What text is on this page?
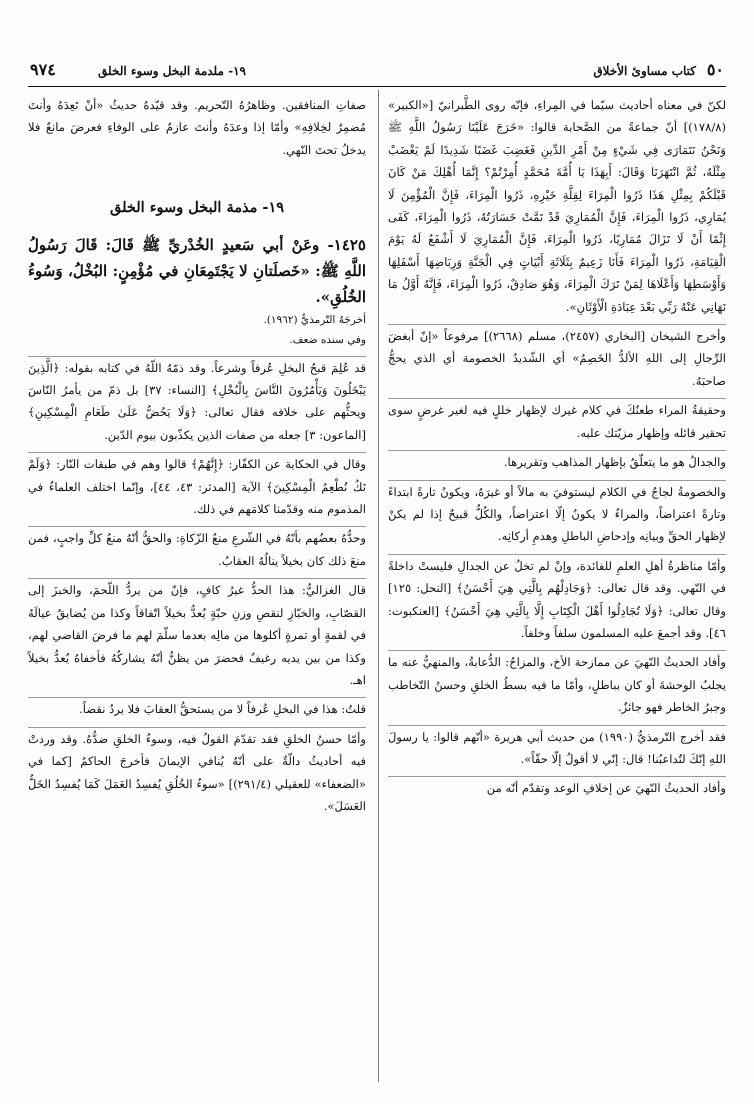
٥٠
كتاب مساوئ الأخلاق
١٩- ملدمة البخل وسوء الخلق
٩٧٤

لكنّ في معناه أحاديث سيّما في المِراءِ، فإنّه روى الطَّبرانيّ [«الكبير» (١٧٨/٨)] أنّ جماعةً من الصَّحابة قالوا: «خَرَجَ عَلَيْنَا رَسُولُ اللَّهِ ﷺ وَنَحْنُ نَتَمَارَى فِي شَيْءٍ مِنْ أَمْرِ الدِّينِ فَغَضِبَ غَضَبًا شَدِيدًا لَمْ يَغْضَبْ مِثْلَهُ، ثُمَّ انْتَهَرَنَا وَقَالَ: أَبِهَذَا يَا أُمَّةَ مُحَمَّدٍ أُمِرْتُمْ؟ إِنَّمَا أُهْلِكَ مَنْ كَانَ قَبْلَكُمْ بِمِثْلِ هَذَا ذَرُوا الْمِرَاءَ لِقِلَّةِ خَيْرِهِ، ذَرُوا الْمِرَاءَ، فَإِنَّ الْمُؤْمِنَ لَا يُمَارِي، ذَرُوا الْمِرَاءَ، فَإِنَّ الْمُمَارِيَ قَدْ تَمَّتْ خَسَارَتُهُ، ذَرُوا الْمِرَاءَ، كَفَى إِثْمًا أَنْ لَا تَزَالَ مُمَارِيًا، ذَرُوا الْمِرَاءَ، فَإِنَّ الْمُمَارِيَ لَا أَشْفَعُ لَهُ يَوْمَ الْقِيَامَةِ، ذَرُوا الْمِرَاءَ فَأَنَا زَعِيمٌ بِثَلَاثَةِ أَبْيَاتٍ فِي الْجَنَّةِ وَرِبَاضِهَا أَسْفَلِهَا وَأَوْسَطِهَا وَأَعْلَاهَا لِمَنْ تَرَكَ الْمِرَاءَ، وَهُوَ صَادِقٌ، ذَرُوا الْمِرَاءَ، فَإِنَّهُ أَوَّلُ مَا نَهَانِي عَنْهُ رَبِّي بَعْدَ عِبَادَةِ الْأَوْثَانِ».

وأخرج الشيخان [البخاري (٢٤٥٧)، مسلم (٢٦٦٨)] مرفوعاً «إنّ أبغضَ الرِّجالِ إلى اللهِ الألدُّ الخَصِمُ» أي الشّديدُ الخصومة أي الذي يحجُّ صاحبَهُ.

وحقيقةُ المراء طعنُكَ في كلام غيرك لإظهار خللٍ فيه لغير غرضٍ سوى تحقير قائله وإظهار مزيّتك عليه.

والجدالُ هو ما يتعلّقُ بإظهار المذاهب وتقريرها.

والخصومةُ لجاجٌ في الكلام ليستوفيَ به مالاً أو غيرَهُ، ويكونُ تارةً ابتداءً وتارةً اعتراضاً، والمراءُ لا يكونُ إلّا اعتراضاً، والكُلُّ قبيحٌ إذا لم يكنْ لإظهار الحقِّ وبيانِه وإدحاضِ الباطلِ وهدمِ أركانِه.

وأمّا مناظرةُ أهلِ العلمِ للفائدة، وإنْ لم تخلُ عن الجدالِ فليستْ داخلةً في النّهي. وقد قال تعالى: ﴿وَجَادِلْهُم بِالَّتِي هِيَ أَحْسَنُ﴾ [النحل: ١٢٥] وقال تعالى: ﴿وَلَا تُجَادِلُوا أَهْلَ الْكِتَابِ إِلَّا بِالَّتِي هِيَ أَحْسَنُ﴾ [العنكبوت: ٤٦]. وقد أجمعَ عليه المسلمون سلفاً وخلفاً.

وأفاد الحديثُ النّهيَ عن ممازحة الأخ، والمزاحُ: الدُّعابةُ، والمنهيُّ عنه ما يجلبُ الوحشةَ أو كان بباطلٍ، وأمّا ما فيه بسطُ الخلقِ وحسنُ التّخاطب وجبرُ الخاطر فهو جائزٌ.

فقد أخرج التّرمذيُّ (١٩٩٠) من حديث أبي هريرة «أنّهم قالوا: يا رسولَ اللهِ إنّكَ لتُداعبُنا! قال: إنّي لا أقولُ إلّا حقّاً».

وأفاد الحديثُ النّهيَ عن إخلافِ الوعد وتقدّم أنّه من

صفاتِ المنافقين. وظاهرُهُ التّحريم. وقد قيّدهُ حديثُ «أنْ تَعِدَهُ وأنتَ مُضمِرٌ لخِلافِهِ» وأمّا إذا وعدَهُ وأنتَ عازمٌ على الوفاءِ فعرضَ مانعٌ فلا يدخلُ تحتَ النّهي.

١٩- مذمة البخل وسوء الخلق

١٤٢٥- وعَنْ أبي سَعيدٍ الخُدْريِّ ﷺ قَالَ: قَالَ رَسُولُ اللَّهِ ﷺ: «خَصلَتانِ لا يَجْتَمِعَانِ في مُؤْمِنٍ: البُخْلُ، وَسُوءُ الخُلُقِ».

أخرجَهُ التّرمذيُّ (١٩٦٢).

وفي سنده ضعف.

قد عُلِمَ قبحُ البخلِ عُرفاً وشرعاً. وقد ذمّهُ اللّهُ في كتابه بقوله: ﴿الَّذِينَ يَبْخَلُونَ وَيَأْمُرُونَ النَّاسَ بِالْبُخْلِ﴾ [النساء: ٣٧] بل ذمّ من يأمرُ النّاسَ ويحثُّهم على خلافه فقال تعالى: ﴿وَلَا يَحُضُّ عَلَىٰ طَعَامِ الْمِسْكِينِ﴾ [الماعون: ٣] جعله من صفات الذين يكذّبون بيوم الدّين.

وقال في الحكاية عن الكفّار: ﴿إِنَّهُمْ﴾ قالوا وهم في طبقات النّار: ﴿وَلَمْ نَكُ نُطْعِمُ الْمِسْكِينَ﴾ الآية [المدثر: ٤٣، ٤٤]، وإنّما اختلف العلماءُ في المذموم منه وقدّمنا كلامَهم في ذلك.

وحدُّهُ بعضُهم بأنّهُ في الشّرعِ منعُ الزّكاةِ: والحقُّ أنّهُ منعُ كلِّ واجبٍ، فمن منعَ ذلك كان بخيلاً ينالُهُ العقابُ.

قال الغزاليُّ: هذا الحدُّ غيرُ كافٍ، فإنّ من يردُّ اللّحمَ، والخبزَ إلى القصّابِ، والخبّازِ لنقصِ وزنِ حبّةٍ يُعدُّ بخيلاً اتّفاقاً وكذا من يُضايقُ عيالَهُ في لقمةٍ أو تمرةٍ أكلوها من مالِه بعدما سلّمَ لهم ما فرضَ القاضي لهم، وكذا من بين يديه رغيفٌ فحضرَ من يظنُّ أنّهُ يشاركُهُ فأخفاهُ يُعدُّ بخيلاً اهـ.

قلتُ: هذا في البخلِ عُرفاً لا من يستحقُّ العقابَ فلا يردُ نقضاً.

وأمّا حسنُ الخلقِ فقد تقدّمَ القولُ فيه، وسوءُ الخلقِ ضدُّهُ. وقد وردتْ فيه أحاديثُ دالّةٌ على أنّهُ يُنافي الإيمانَ فأخرجَ الحاكمُ [كما في «الضعفاء» للعقيلي (٢٩١/٤)] «سوءُ الخُلُقِ يُفسِدُ العَمَلَ كَمَا يُفسِدُ الخَلُّ العَسَلَ».
